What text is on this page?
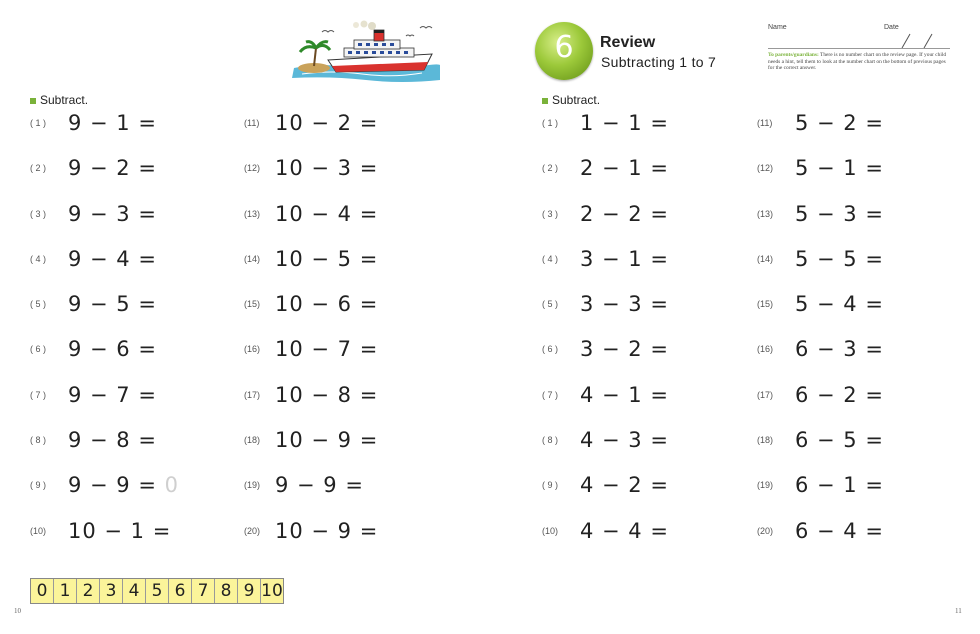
Subtract.
( 1 ) 9 − 1 =
( 2 ) 9 − 2 =
( 3 ) 9 − 3 =
( 4 ) 9 − 4 =
( 5 ) 9 − 5 =
( 6 ) 9 − 6 =
( 7 ) 9 − 7 =
( 8 ) 9 − 8 =
( 9 ) 9 − 9 = 0
(10) 10 − 1 =
(11) 10 − 2 =
(12) 10 − 3 =
(13) 10 − 4 =
(14) 10 − 5 =
(15) 10 − 6 =
(16) 10 − 7 =
(17) 10 − 8 =
(18) 10 − 9 =
(19) 9 − 9 =
(20) 10 − 9 =
Subtract.
( 1 ) 1 − 1 =
( 2 ) 2 − 1 =
( 3 ) 2 − 2 =
( 4 ) 3 − 1 =
( 5 ) 3 − 3 =
( 6 ) 3 − 2 =
( 7 ) 4 − 1 =
( 8 ) 4 − 3 =
( 9 ) 4 − 2 =
(10) 4 − 4 =
(11) 5 − 2 =
(12) 5 − 1 =
(13) 5 − 3 =
(14) 5 − 5 =
(15) 5 − 4 =
(16) 6 − 3 =
(17) 6 − 2 =
(18) 6 − 5 =
(19) 6 − 1 =
(20) 6 − 4 =
6	Review
Subtracting 1 to 7
Name	Date
To parents/guardians: There is no number chart on the review page. If your child needs a hint, tell them to look at the number chart on the bottom of previous pages for the correct answer.
0 1 2 3 4 5 6 7 8 9 10
10	11
